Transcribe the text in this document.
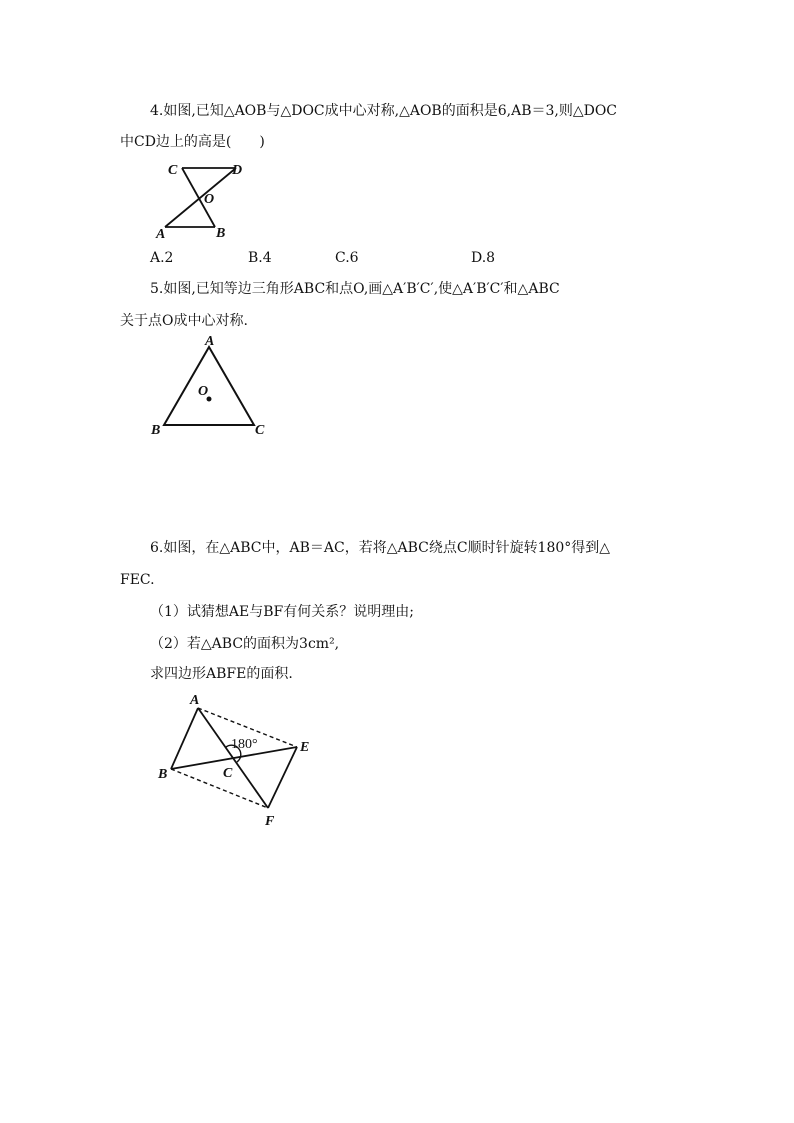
4.如图,已知△AOB与△DOC成中心对称,△AOB的面积是6,AB＝3,则△DOC
中CD边上的高是(　　)
C	D
O
A	B
A.2	B.4	C.6	D.8
5.如图,已知等边三角形ABC和点O,画△A′B′C′,使△A′B′C′和△ABC
关于点O成中心对称.
A
O
B	C
6.如图，在△ABC中，AB＝AC，若将△ABC绕点C顺时针旋转180°得到△
FEC.
（1）试猜想AE与BF有何关系？说明理由;
（2）若△ABC的面积为3cm²,
求四边形ABFE的面积.
A
180°	E
B	C
F
